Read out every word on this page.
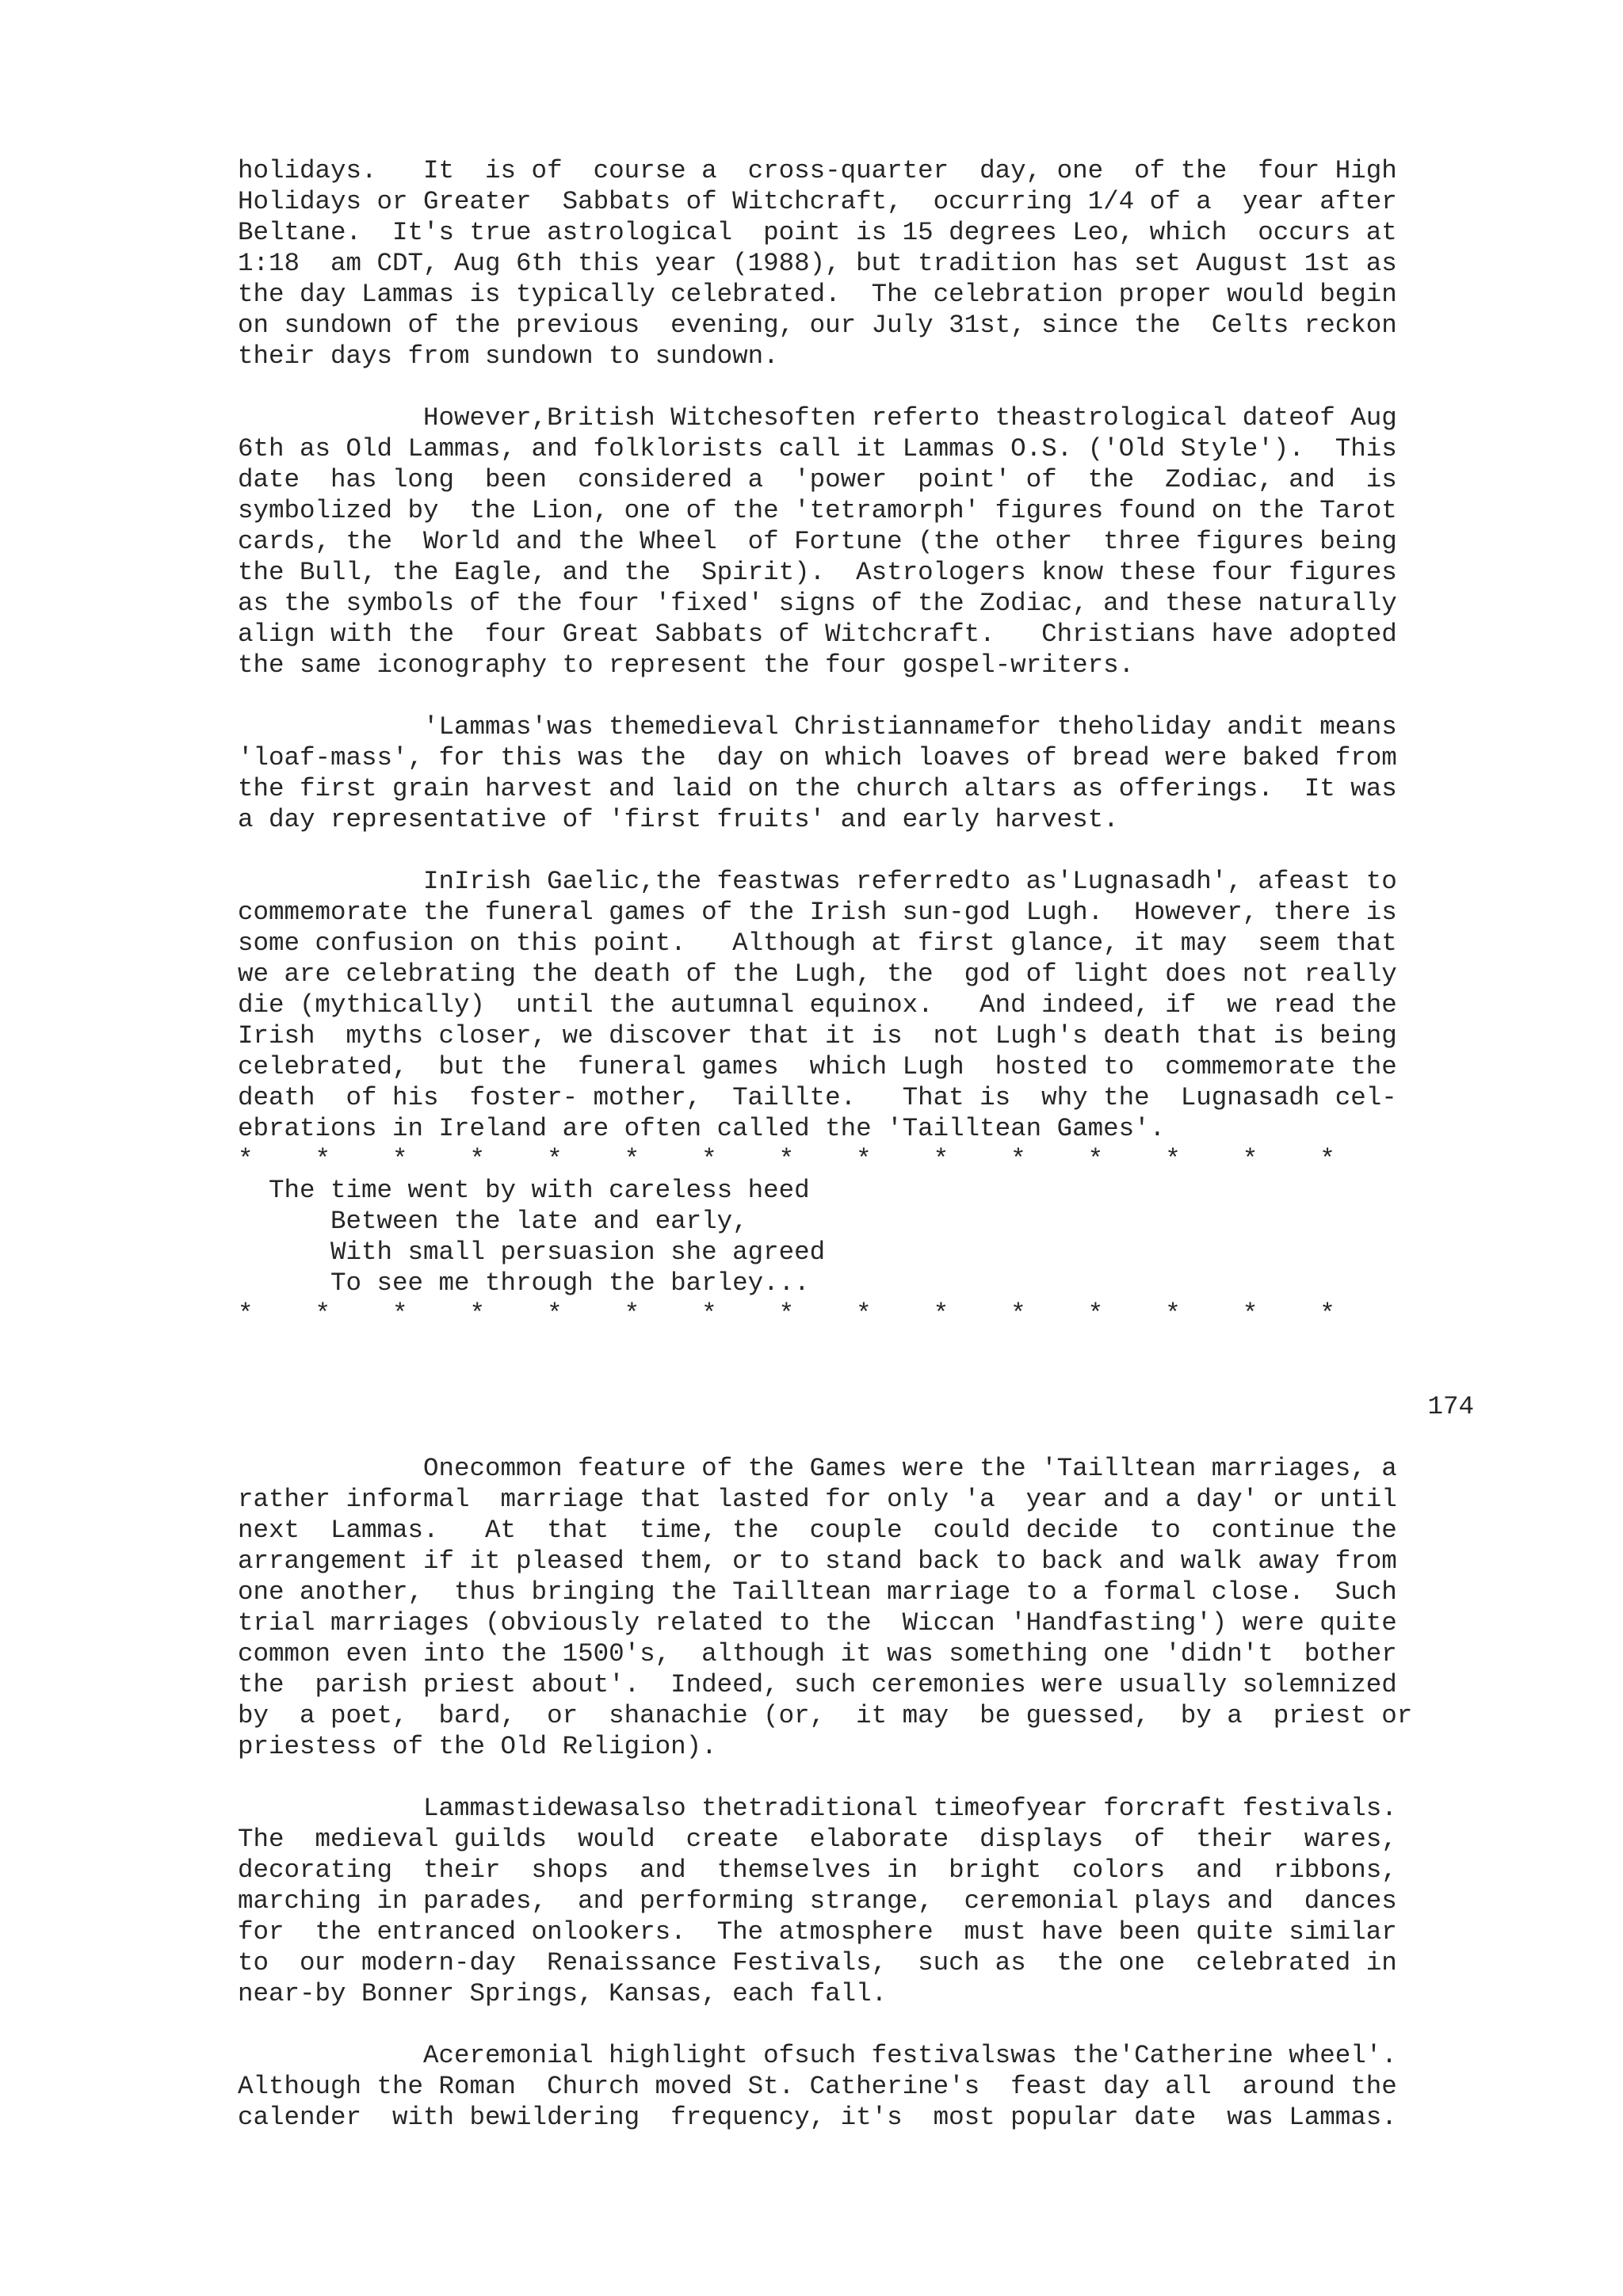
holidays.   It  is of  course a  cross-quarter  day, one  of the  four High
Holidays or Greater  Sabbats of Witchcraft,  occurring 1/4 of a  year after
Beltane.  It's true astrological  point is 15 degrees Leo, which  occurs at
1:18  am CDT, Aug 6th this year (1988), but tradition has set August 1st as
the day Lammas is typically celebrated.  The celebration proper would begin
on sundown of the previous  evening, our July 31st, since the  Celts reckon
their days from sundown to sundown.
However,British Witchesoften referto theastrological dateof Aug
6th as Old Lammas, and folklorists call it Lammas O.S. ('Old Style').  This
date  has long  been  considered a  'power  point' of  the  Zodiac, and  is
symbolized by  the Lion, one of the 'tetramorph' figures found on the Tarot
cards, the  World and the Wheel  of Fortune (the other  three figures being
the Bull, the Eagle, and the  Spirit).  Astrologers know these four figures
as the symbols of the four 'fixed' signs of the Zodiac, and these naturally
align with the  four Great Sabbats of Witchcraft.   Christians have adopted
the same iconography to represent the four gospel-writers.
'Lammas'was themedieval Christiannamefor theholiday andit means
'loaf-mass', for this was the  day on which loaves of bread were baked from
the first grain harvest and laid on the church altars as offerings.  It was
a day representative of 'first fruits' and early harvest.
InIrish Gaelic,the feastwas referredto as'Lugnasadh', afeast to
commemorate the funeral games of the Irish sun-god Lugh.  However, there is
some confusion on this point.   Although at first glance, it may  seem that
we are celebrating the death of the Lugh, the  god of light does not really
die (mythically)  until the autumnal equinox.   And indeed, if  we read the
Irish  myths closer, we discover that it is  not Lugh's death that is being
celebrated,  but the  funeral games  which Lugh  hosted to  commemorate the
death  of his  foster- mother,  Taillte.   That is  why the  Lugnasadh cel-
ebrations in Ireland are often called the 'Tailltean Games'.
*    *    *    *    *    *    *    *    *    *    *    *    *    *    *
The time went by with careless heed
Between the late and early,
With small persuasion she agreed
To see me through the barley...
*    *    *    *    *    *    *    *    *    *    *    *    *    *    *
174
Onecommon feature of the Games were the 'Tailltean marriages, a
rather informal  marriage that lasted for only 'a  year and a day' or until
next  Lammas.   At  that  time, the  couple  could decide  to  continue the
arrangement if it pleased them, or to stand back to back and walk away from
one another,  thus bringing the Tailltean marriage to a formal close.  Such
trial marriages (obviously related to the  Wiccan 'Handfasting') were quite
common even into the 1500's,  although it was something one 'didn't  bother
the  parish priest about'.  Indeed, such ceremonies were usually solemnized
by  a poet,  bard,  or  shanachie (or,  it may  be guessed,  by a  priest or
priestess of the Old Religion).
Lammastidewasalso thetraditional timeofyear forcraft festivals.
The  medieval guilds  would  create  elaborate  displays  of  their  wares,
decorating  their  shops  and  themselves in  bright  colors  and  ribbons,
marching in parades,  and performing strange,  ceremonial plays and  dances
for  the entranced onlookers.  The atmosphere  must have been quite similar
to  our modern-day  Renaissance Festivals,  such as  the one  celebrated in
near-by Bonner Springs, Kansas, each fall.
Aceremonial highlight ofsuch festivalswas the'Catherine wheel'.
Although the Roman  Church moved St. Catherine's  feast day all  around the
calender  with bewildering  frequency, it's  most popular date  was Lammas.
